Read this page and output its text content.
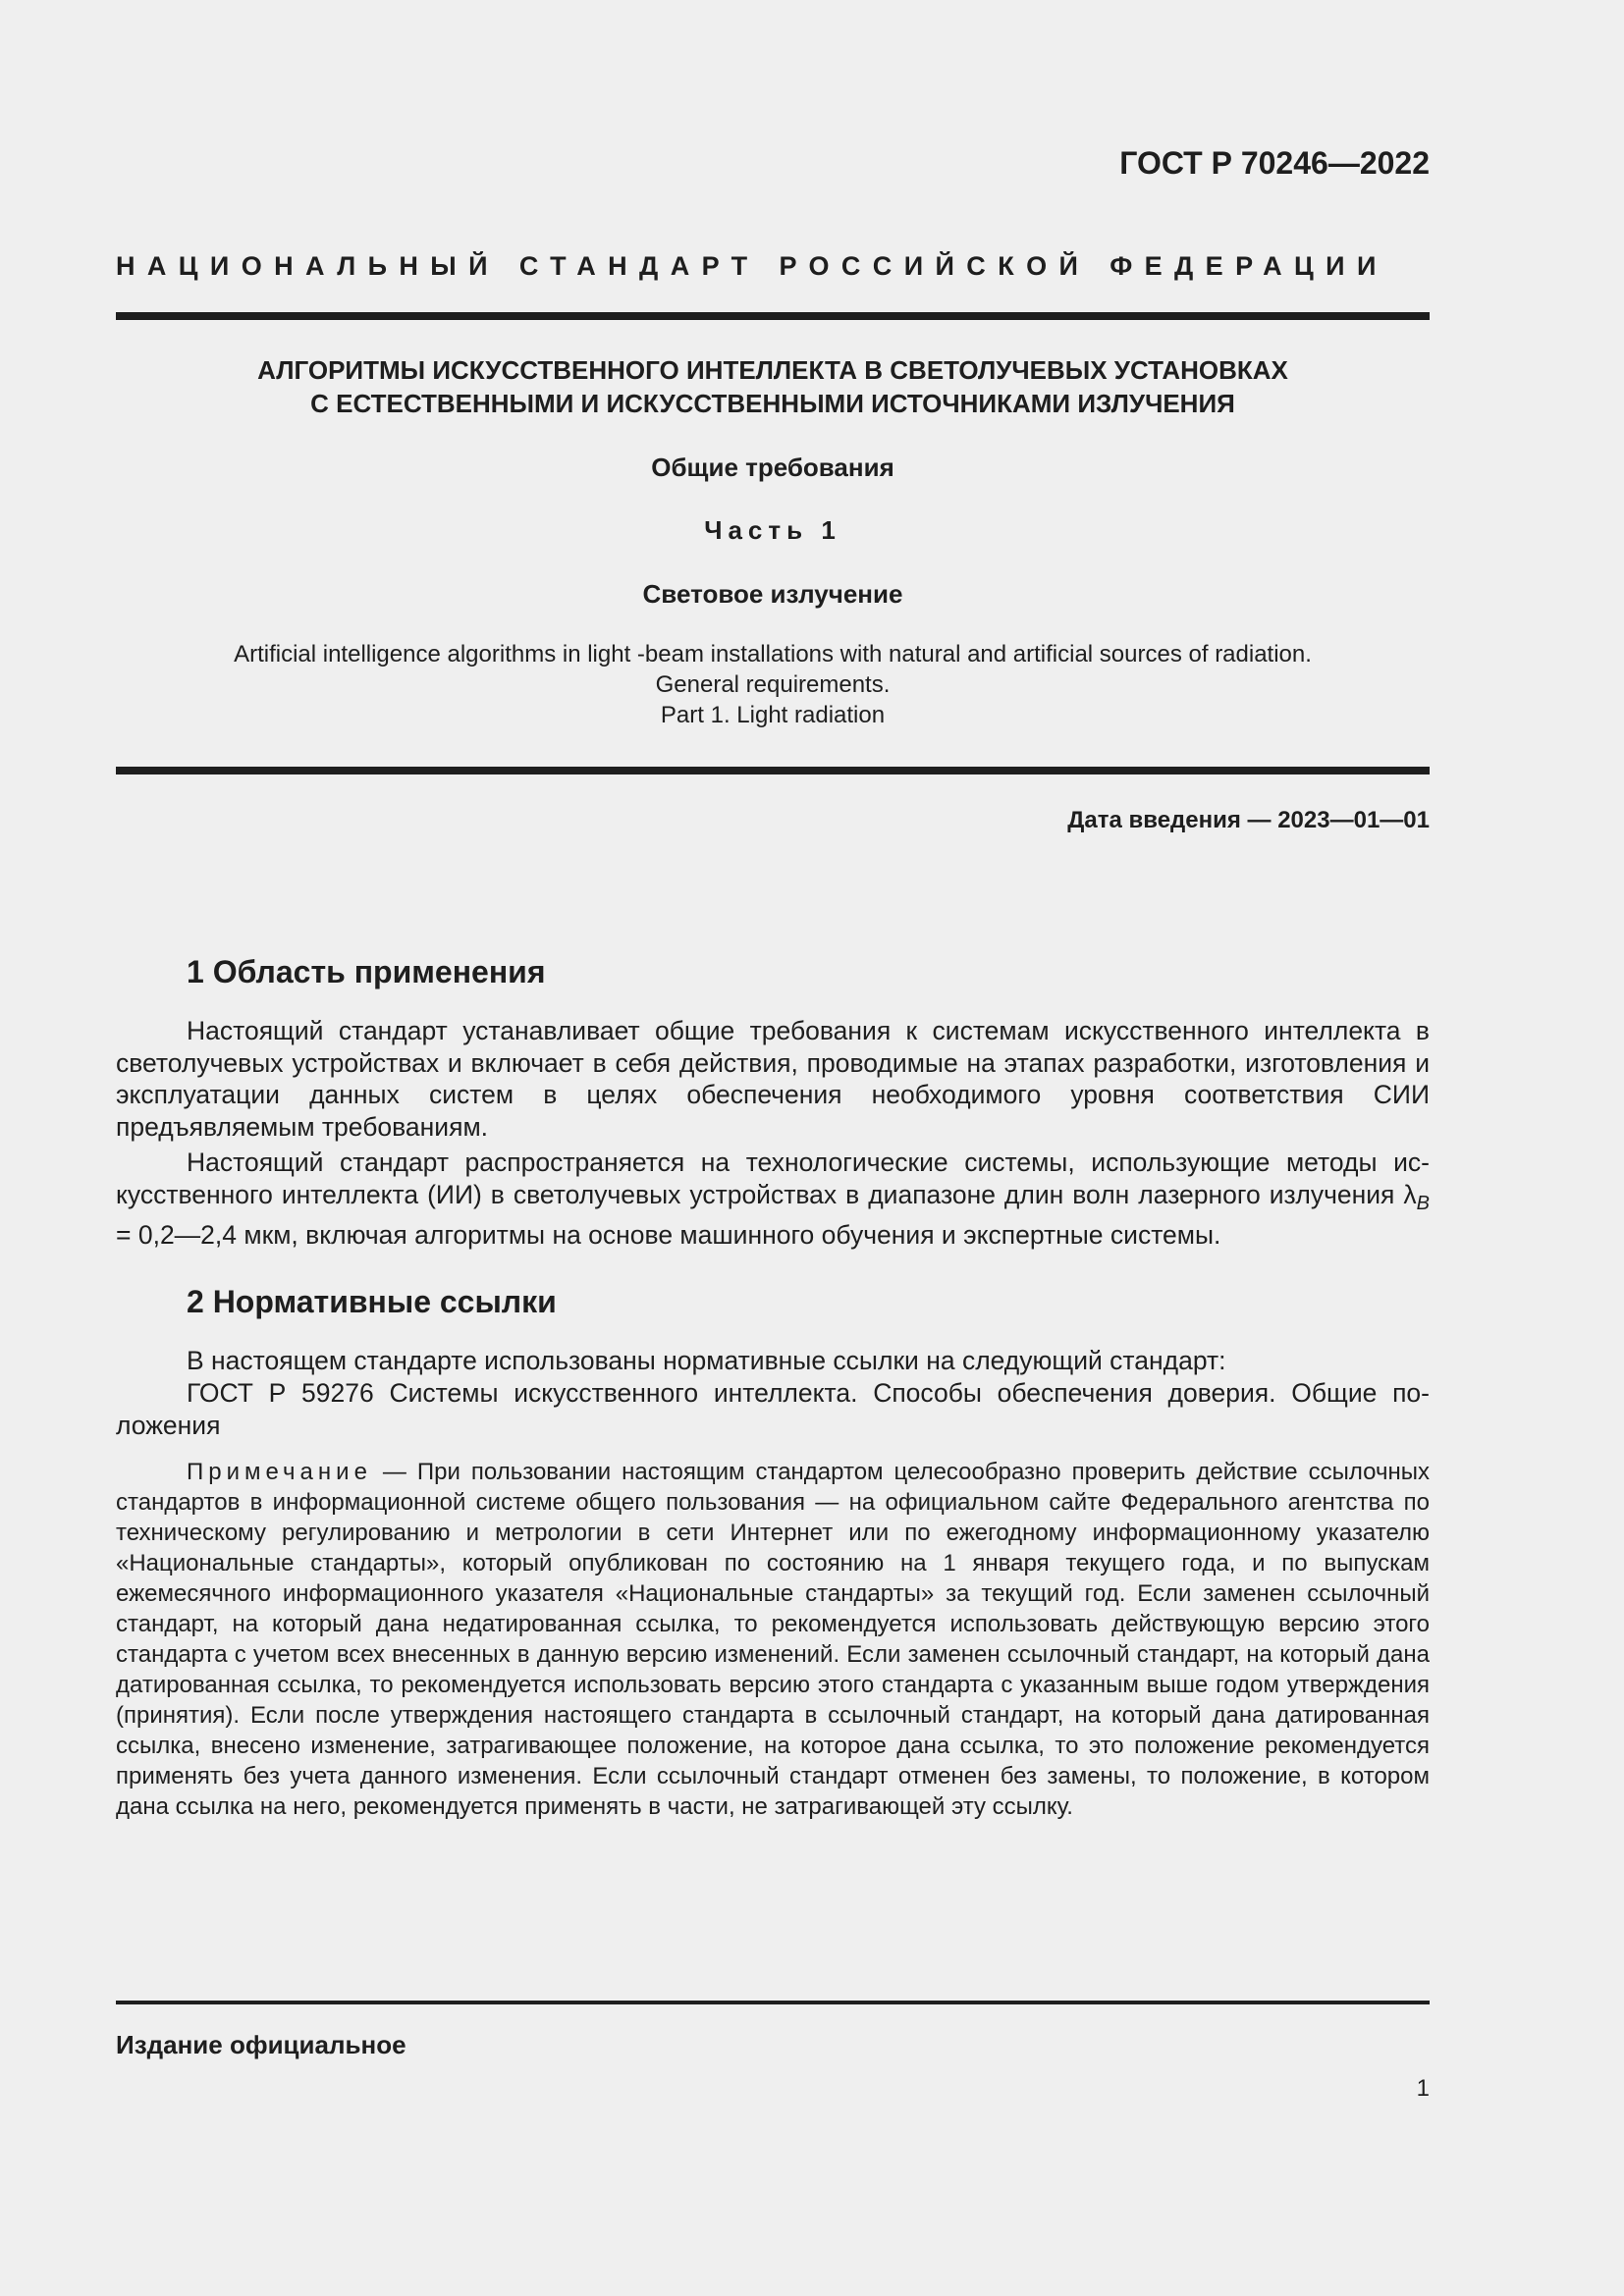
ГОСТ Р 70246—2022
НАЦИОНАЛЬНЫЙ СТАНДАРТ РОССИЙСКОЙ ФЕДЕРАЦИИ
АЛГОРИТМЫ ИСКУССТВЕННОГО ИНТЕЛЛЕКТА В СВЕТОЛУЧЕВЫХ УСТАНОВКАХ
С ЕСТЕСТВЕННЫМИ И ИСКУССТВЕННЫМИ ИСТОЧНИКАМИ ИЗЛУЧЕНИЯ
Общие требования
Часть 1
Световое излучение
Artificial intelligence algorithms in light -beam installations with natural and artificial sources of radiation.
General requirements.
Part 1. Light radiation
Дата введения — 2023—01—01
1 Область применения
Настоящий стандарт устанавливает общие требования к системам искусственного интеллекта в светолучевых устройствах и включает в себя действия, проводимые на этапах разработки, изготовления и эксплуатации данных систем в целях обеспечения необходимого уровня соответствия СИИ предъявляемым требованиям.
Настоящий стандарт распространяется на технологические системы, использующие методы искусственного интеллекта (ИИ) в светолучевых устройствах в диапазоне длин волн лазерного излучения $\lambda_B$ = 0,2—2,4 мкм, включая алгоритмы на основе машинного обучения и экспертные системы.
2 Нормативные ссылки
В настоящем стандарте использованы нормативные ссылки на следующий стандарт:
ГОСТ Р 59276 Системы искусственного интеллекта. Способы обеспечения доверия. Общие положения
Примечание — При пользовании настоящим стандартом целесообразно проверить действие ссылочных стандартов в информационной системе общего пользования — на официальном сайте Федерального агентства по техническому регулированию и метрологии в сети Интернет или по ежегодному информационному указателю «Национальные стандарты», который опубликован по состоянию на 1 января текущего года, и по выпускам ежемесячного информационного указателя «Национальные стандарты» за текущий год. Если заменен ссылочный стандарт, на который дана недатированная ссылка, то рекомендуется использовать действующую версию этого стандарта с учетом всех внесенных в данную версию изменений. Если заменен ссылочный стандарт, на который дана датированная ссылка, то рекомендуется использовать версию этого стандарта с указанным выше годом утверждения (принятия). Если после утверждения настоящего стандарта в ссылочный стандарт, на который дана датированная ссылка, внесено изменение, затрагивающее положение, на которое дана ссылка, то это положение рекомендуется применять без учета данного изменения. Если ссылочный стандарт отменен без замены, то положение, в котором дана ссылка на него, рекомендуется применять в части, не затрагивающей эту ссылку.
Издание официальное
1
